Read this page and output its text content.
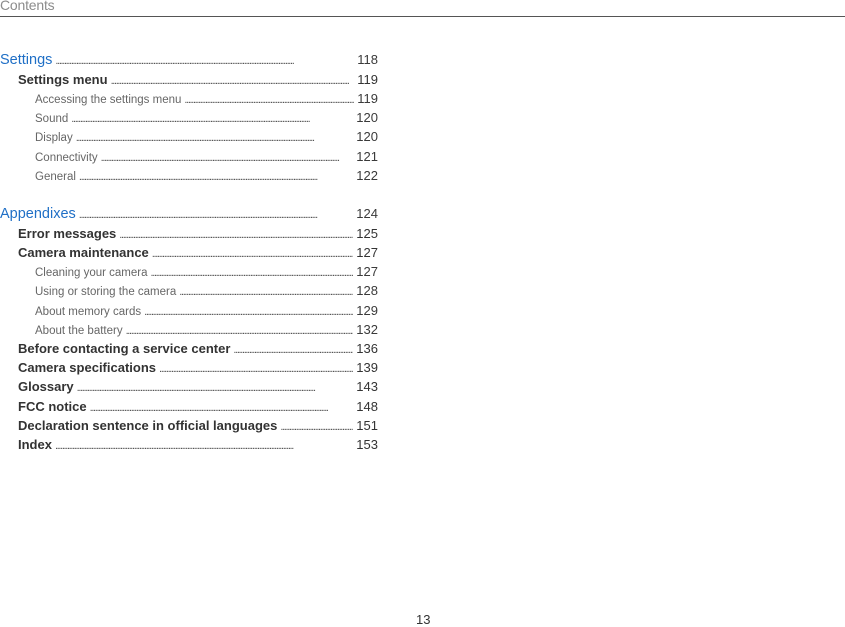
Contents
Settings . . .	118
Settings menu . . .	119
Accessing the settings menu . . .	119
Sound . . .	120
Display . . .	120
Connectivity . . .	121
General . . .	122
Appendixes . . .	124
Error messages . . .	125
Camera maintenance . . .	127
Cleaning your camera . . .	127
Using or storing the camera . . .	128
About memory cards . . .	129
About the battery . . .	132
Before contacting a service center . . .	136
Camera specifications . . .	139
Glossary . . .	143
FCC notice . . .	148
Declaration sentence in official languages . . .	151
Index . . .	153
13
